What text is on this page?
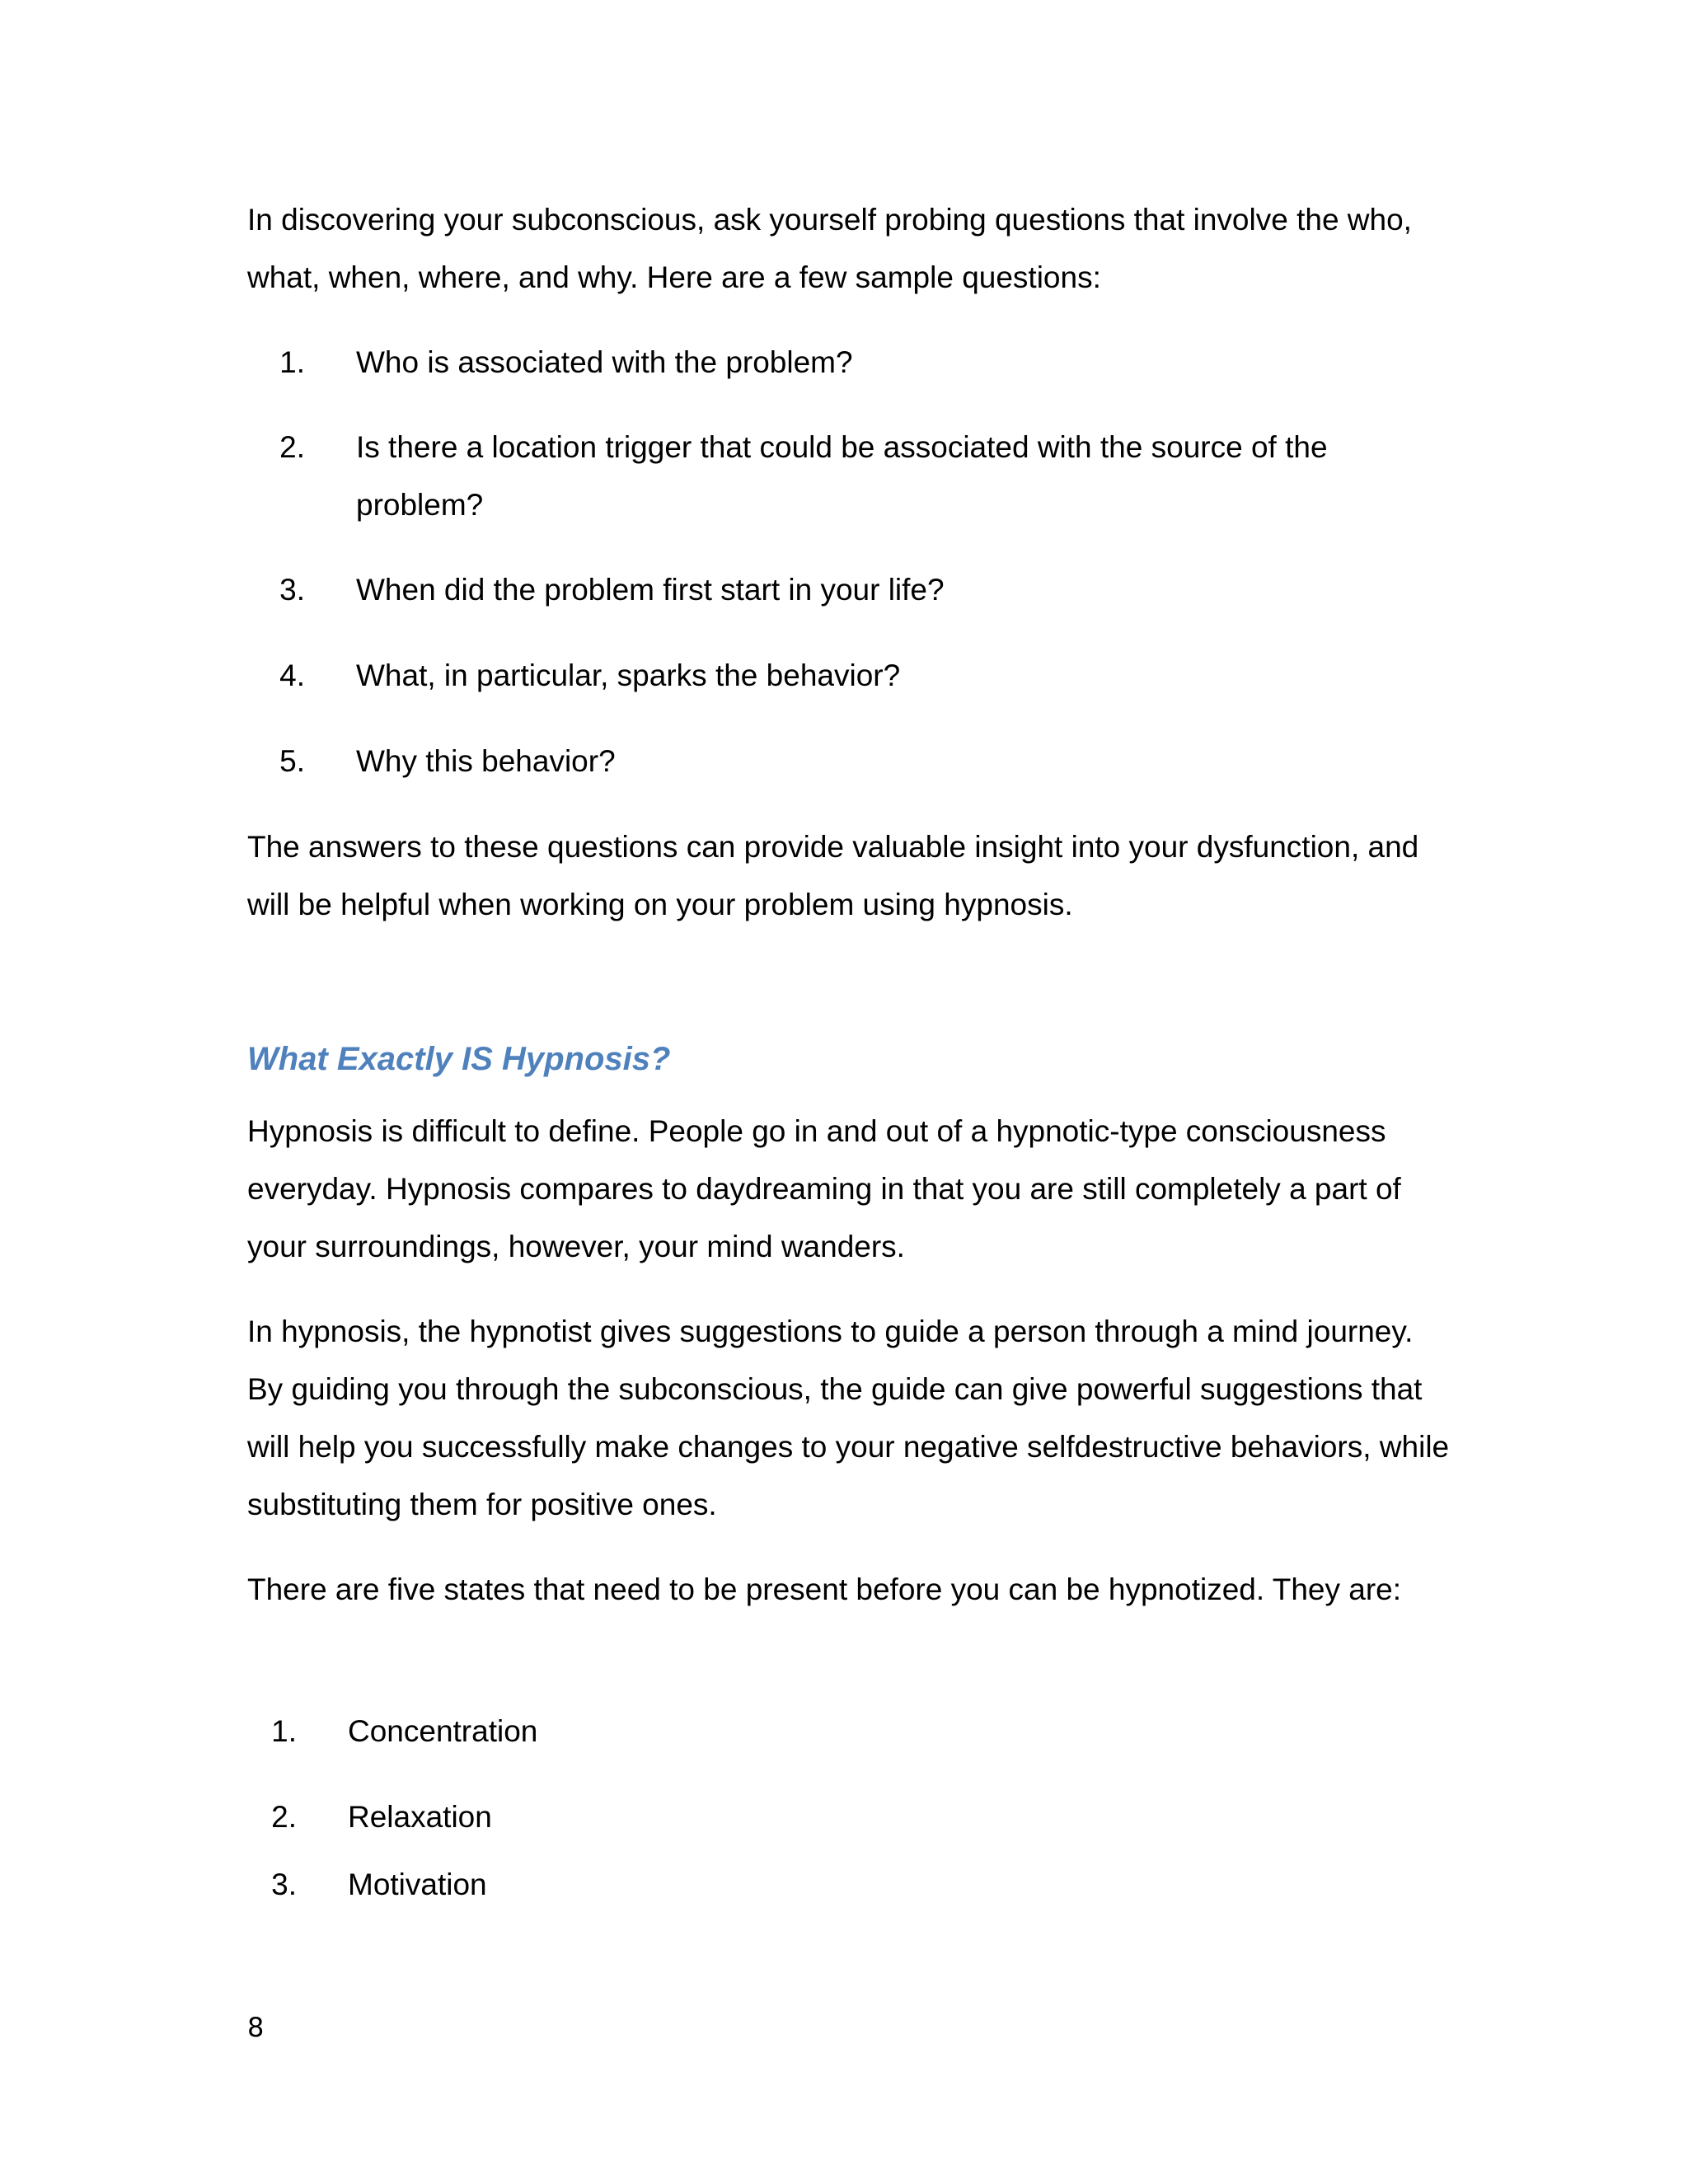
In discovering your subconscious, ask yourself probing questions that involve the who, what, when, where, and why. Here are a few sample questions:

1. Who is associated with the problem?
2. Is there a location trigger that could be associated with the source of the problem?
3. When did the problem first start in your life?
4. What, in particular, sparks the behavior?
5. Why this behavior?

The answers to these questions can provide valuable insight into your dysfunction, and will be helpful when working on your problem using hypnosis.

What Exactly IS Hypnosis?

Hypnosis is difficult to define. People go in and out of a hypnotic-type consciousness everyday. Hypnosis compares to daydreaming in that you are still completely a part of your surroundings, however, your mind wanders.

In hypnosis, the hypnotist gives suggestions to guide a person through a mind journey. By guiding you through the subconscious, the guide can give powerful suggestions that will help you successfully make changes to your negative selfdestructive behaviors, while substituting them for positive ones.

There are five states that need to be present before you can be hypnotized. They are:

1. Concentration
2. Relaxation
3. Motivation
8
